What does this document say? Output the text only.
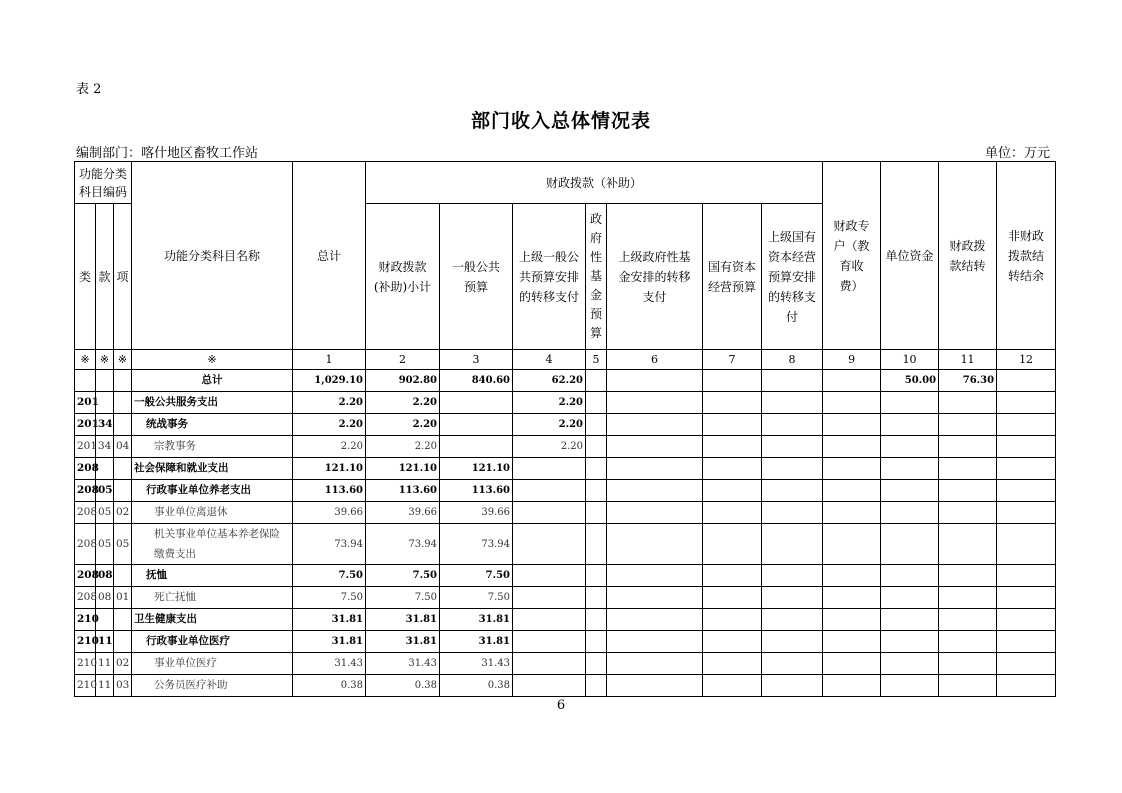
表 2
部门收入总体情况表
编制部门：喀什地区畜牧工作站	单位：万元
功能分类科目编码			功能分类科目名称	总计	财政拨款（补助）							财政专户（教育收费）	单位资金	财政拨款结转	非财政拨款结转结余
类	款	项			财政拨款(补助)小计	一般公共预算	上级一般公共预算安排的转移支付	政府性基金预算	上级政府性基金安排的转移支付	国有资本经营预算	上级国有资本经营预算安排的转移支付				
※	※	※	※	1	2	3	4	5	6	7	8	9	10	11	12
			总计	1,029.10	902.80	840.60	62.20						50.00	76.30	
201			一般公共服务支出	2.20	2.20		2.20								
201	34		统战事务	2.20	2.20		2.20								
201	34	04	宗教事务	2.20	2.20		2.20								
208			社会保障和就业支出	121.10	121.10	121.10									
208	05		行政事业单位养老支出	113.60	113.60	113.60									
208	05	02	事业单位离退休	39.66	39.66	39.66									
208	05	05	机关事业单位基本养老保险缴费支出	73.94	73.94	73.94									
208	08		抚恤	7.50	7.50	7.50									
208	08	01	死亡抚恤	7.50	7.50	7.50									
210			卫生健康支出	31.81	31.81	31.81									
210	11		行政事业单位医疗	31.81	31.81	31.81									
210	11	02	事业单位医疗	31.43	31.43	31.43									
210	11	03	公务员医疗补助	0.38	0.38	0.38									
6
